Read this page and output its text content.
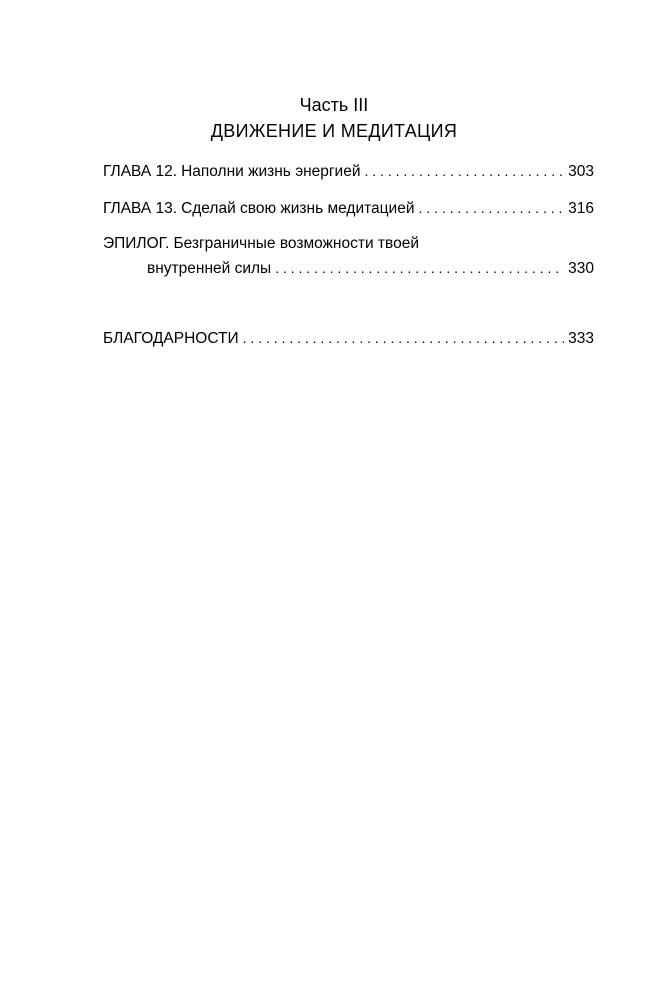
Часть III
ДВИЖЕНИЕ И МЕДИТАЦИЯ
ГЛАВА 12. Наполни жизнь энергией . . .	303
ГЛАВА 13. Сделай свою жизнь медитацией . . .	316
ЭПИЛОГ. Безграничные возможности твоей
внутренней силы . . .	330
БЛАГОДАРНОСТИ . . .	333
